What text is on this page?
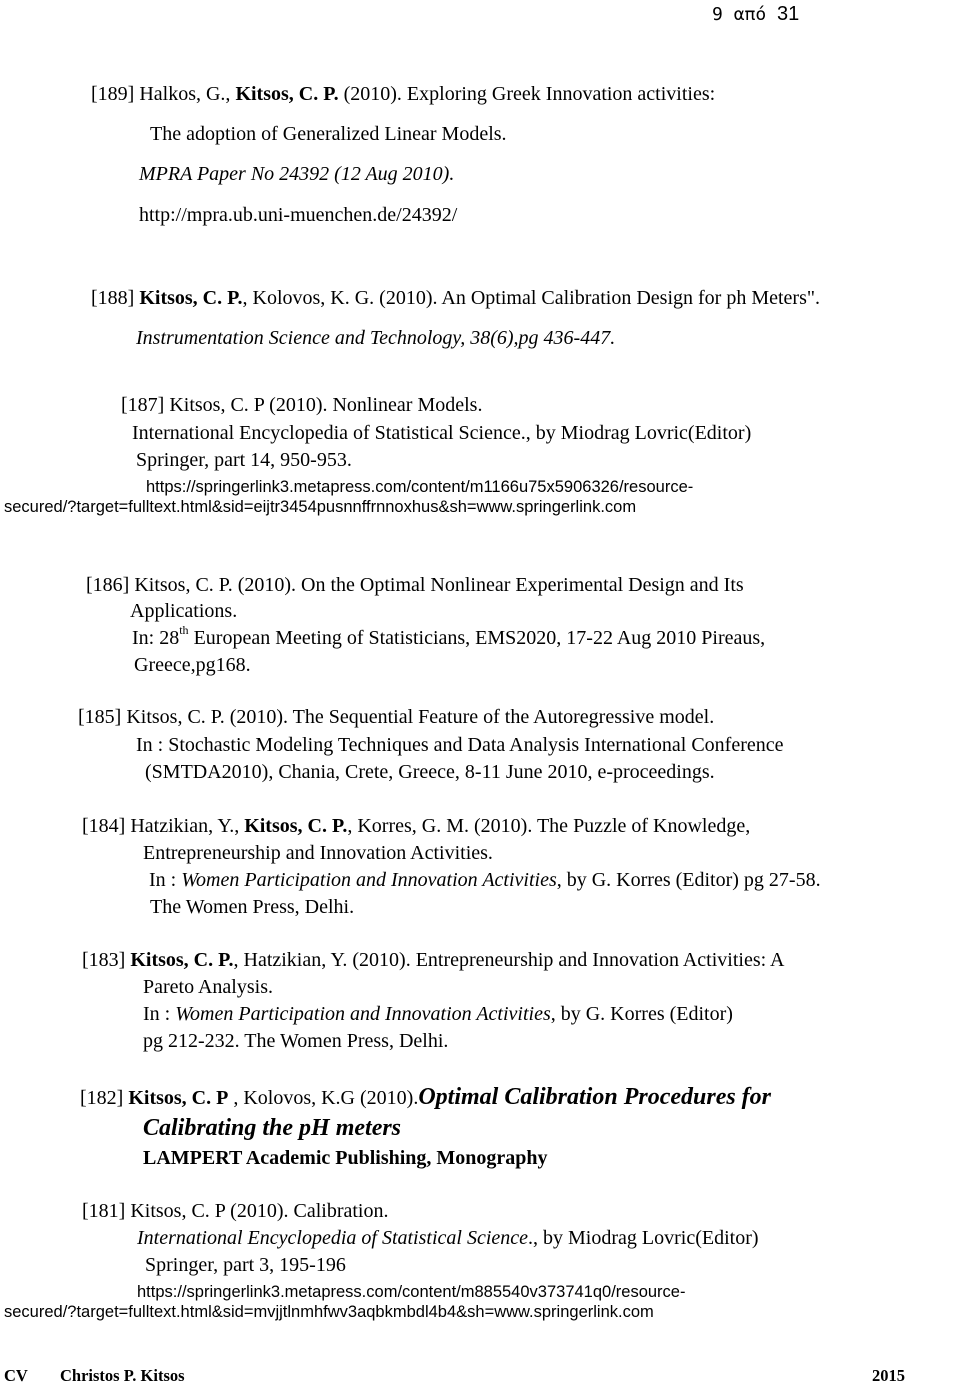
9 από 31
[189] Halkos, G., Kitsos, C. P. (2010). Exploring Greek Innovation activities:
The adoption of Generalized Linear Models.
MPRA Paper No 24392 (12 Aug 2010).
http://mpra.ub.uni-muenchen.de/24392/
[188] Kitsos, C. P., Kolovos, K. G. (2010). An Optimal Calibration Design for ph Meters".
Instrumentation Science and Technology, 38(6),pg 436-447.
[187] Kitsos, C. P (2010). Nonlinear Models.
International Encyclopedia of Statistical Science., by Miodrag Lovric(Editor)
Springer, part 14, 950-953.
https://springerlink3.metapress.com/content/m1166u75x5906326/resource-
secured/?target=fulltext.html&sid=eijtr3454pusnnffrnnoxhus&sh=www.springerlink.com
[186] Kitsos, C. P. (2010). On the Optimal Nonlinear Experimental Design and Its
Applications.
In: 28th European Meeting of Statisticians, EMS2020, 17-22 Aug 2010 Pireaus,
Greece,pg168.
[185] Kitsos, C. P. (2010). The Sequential Feature of the Autoregressive model.
In : Stochastic Modeling Techniques and Data Analysis International Conference
(SMTDA2010), Chania, Crete, Greece, 8-11 June 2010, e-proceedings.
[184] Hatzikian, Y., Kitsos, C. P., Korres, G. M. (2010). The Puzzle of Knowledge,
Entrepreneurship and Innovation Activities.
In : Women Participation and Innovation Activities, by G. Korres (Editor) pg 27-58.
The Women Press, Delhi.
[183] Kitsos, C. P., Hatzikian, Y. (2010). Entrepreneurship and Innovation Activities: A
Pareto Analysis.
In : Women Participation and Innovation Activities, by G. Korres (Editor)
pg 212-232. The Women Press, Delhi.
[182] Kitsos, C. P , Kolovos, K.G (2010).Optimal Calibration Procedures for
Calibrating the pH meters
LAMPERT Academic Publishing, Monography
[181] Kitsos, C. P (2010). Calibration.
International Encyclopedia of Statistical Science., by Miodrag Lovric(Editor)
Springer, part 3, 195-196
https://springerlink3.metapress.com/content/m885540v373741q0/resource-
secured/?target=fulltext.html&sid=mvjjtlnmhfwv3aqbkmbdl4b4&sh=www.springerlink.com
CV Christos P. Kitsos	2015
